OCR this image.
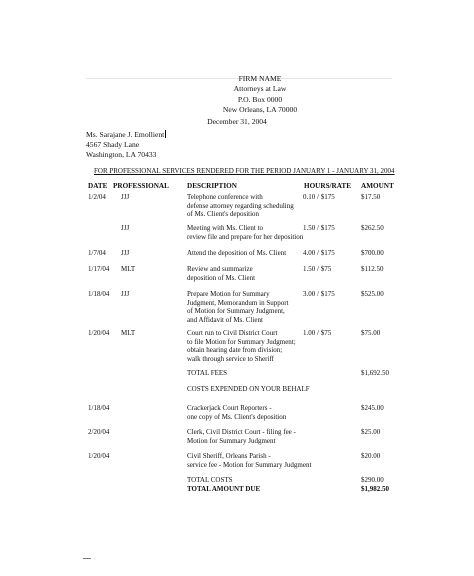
FIRM NAME
Attorneys at Law
P.O. Box 0000
New Orleans, LA 70000
December 31, 2004
Ms. Sarajane J. Emollient
4567 Shady Lane
Washington, LA 70433
FOR PROFESSIONAL SERVICES RENDERED FOR THE PERIOD JANUARY 1 - JANUARY 31, 2004
DATE PROFESSIONAL	DESCRIPTION	HOURS/RATE AMOUNT
1/2/04 JJJ	Telephone conference with
defense attorney regarding scheduling
of Ms. Client's deposition
0.10 / $175	$17.50
JJJ	Meeting with Ms. Client to
review file and prepare for her deposition
1.50 / $175	$262.50
1/7/04 JJJ	Attend the deposition of Ms. Client 4.00 / $175	$700.00
1/17/04 MLT	Review and summarize
deposition of Ms. Client
1.50 / $75	$112.50
1/18/04 JJJ	Prepare Motion for Summary
Judgment, Memorandum in Support
of Motion for Summary Judgment,
and Affidavit of Ms. Client
3.00 / $175	$525.00
1/20/04 MLT	Court run to Civil District Court
to file Motion for Summary Judgment;
obtain hearing date from division;
walk through service to Sheriff
1.00 / $75	$75.00
TOTAL FEES	$1,692.50
COSTS EXPENDED ON YOUR BEHALF
1/18/04	Crackerjack Court Reporters -
one copy of Ms. Client's deposition
$245.00
2/20/04	Clerk, Civil District Court - filing fee -
Motion for Summary Judgment
$25.00
1/20/04	Civil Sheriff, Orleans Parish -
service fee - Motion for Summary Judgment
$20.00
TOTAL COSTS	$290.00
TOTAL AMOUNT DUE	$1,982.50
